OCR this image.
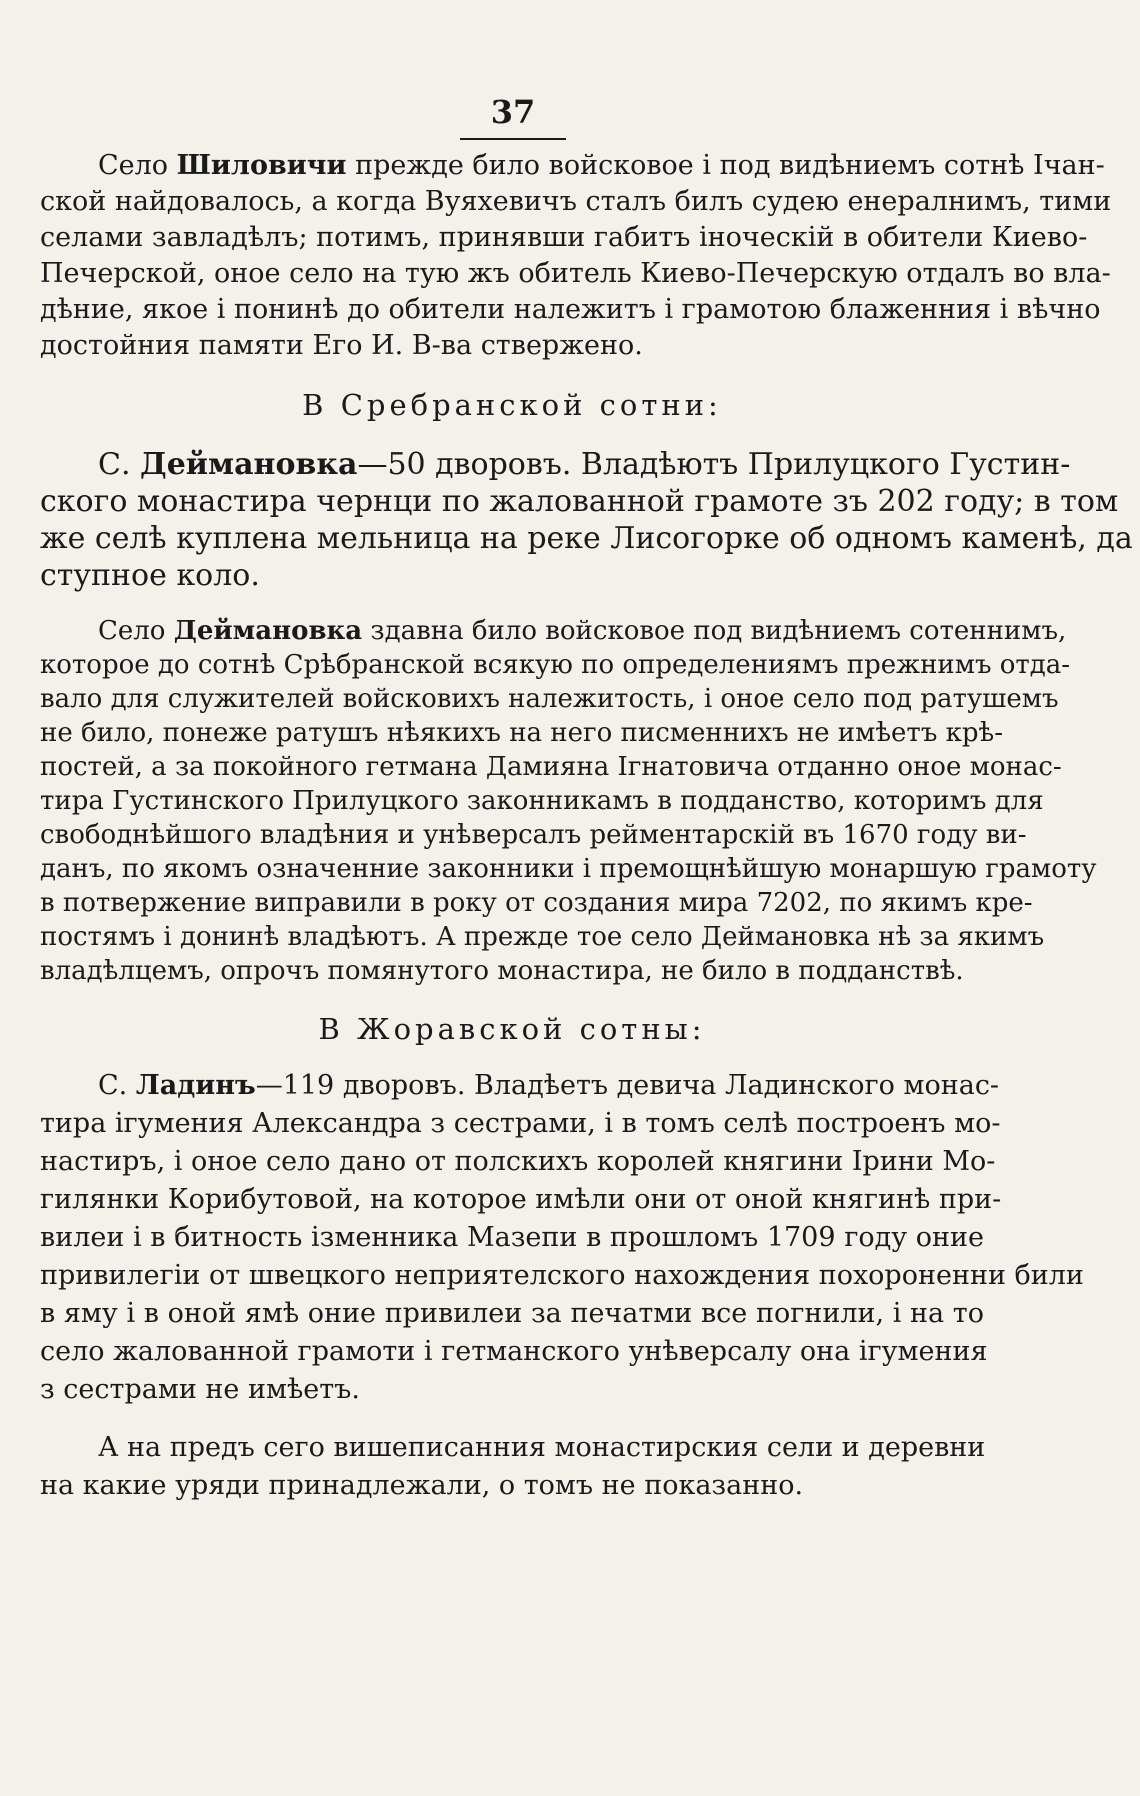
37
Село Шиловичи прежде било войсковое і под видѣниемъ сотнѣ Ічан-
ской найдовалось, а когда Вуяхевичъ сталъ билъ судею енералнимъ, тими
селами завладѣлъ; потимъ, принявши габитъ іноческій в обители Киево-
Печерской, оное село на тую жъ обитель Киево-Печерскую отдалъ во вла-
дѣние, якое і понинѣ до обители належитъ і грамотою блаженния і вѣчно
достойния памяти Его И. В-ва ствержено.
В Сребранской сотни:
С. Дейманoвка—50 дворовъ. Владѣютъ Прилуцкого Густин-
ского монастира чернци по жалованной грамоте зъ 202 году; в том
же селѣ куплена мельница на реке Лисогорке об одномъ каменѣ, да
ступное коло.
Село Дейманoвка здавна било войсковое под видѣниемъ сотеннимъ,
которое до сотнѣ Срѣбранской всякую по определениямъ прежнимъ отда-
вало для служителей войсковихъ належитость, і оное село под ратушемъ
не било, понеже ратушъ нѣякихъ на него писменнихъ не имѣетъ крѣ-
постей, а за покойного гетмана Дамияна Ігнатовича отданно оное монас-
тира Густинского Прилуцкого законникамъ в подданство, которимъ для
свободнѣйшого владѣния и унѣверсалъ рейментарскій въ 1670 году ви-
данъ, по якомъ означенние законники і премощнѣйшую монаршую грамоту
в потвержение виправили в року от создания мира 7202, по якимъ кре-
постямъ і донинѣ владѣютъ. А прежде тое село Дейманoвка нѣ за якимъ
владѣлцемъ, опрочъ помянутого монастира, не било в подданствѣ.
В Жоравской сотны:
С. Ладинъ—119 дворовъ. Владѣетъ девича Ладинского монас-
тира ігумения Александра з сестрами, і в томъ селѣ построенъ мо-
настиръ, і оное село дано от полскихъ королей княгини Ірини Мо-
гилянки Корибутовой, на которое имѣли они от оной княгинѣ при-
вилеи і в битность ізменника Мазепи в прошломъ 1709 году оние
привилегіи от швецкого неприятелского нахождения похороненни били
в яму і в оной ямѣ оние привилеи за печатми все погнили, і на то
село жалованной грамоти і гетманского унѣверсалу она ігумения
з сестрами не имѣетъ.
А на предъ сего вишеписанния монастирския сели и деревни
на какие уряди принадлежали, о томъ не показанно.
